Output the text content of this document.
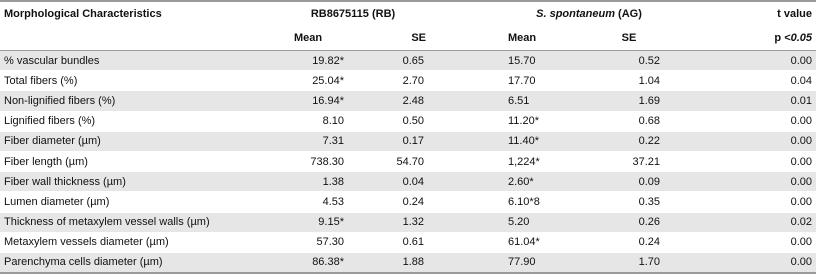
Morphological Characteristics	RB8675115 (RB)			S. spontaneum (AG)			t value
	Mean	SE		Mean	SE		p <0.05
% vascular bundles	19.82*	0.65		15.70	0.52		0.00
Total fibers (%)	25.04*	2.70		17.70	1.04		0.04
Non-lignified fibers (%)	16.94*	2.48		6.51	1.69		0.01
Lignified fibers (%)	8.10	0.50		11.20*	0.68		0.00
Fiber diameter (µm)	7.31	0.17		11.40*	0.22		0.00
Fiber length (µm)	738.30	54.70		1,224*	37.21		0.00
Fiber wall thickness (µm)	1.38	0.04		2.60*	0.09		0.00
Lumen diameter (µm)	4.53	0.24		6.10*8	0.35		0.00
Thickness of metaxylem vessel walls (µm)	9.15*	1.32		5.20	0.26		0.02
Metaxylem vessels diameter (µm)	57.30	0.61		61.04*	0.24		0.00
Parenchyma cells diameter (µm)	86.38*	1.88		77.90	1.70		0.00
